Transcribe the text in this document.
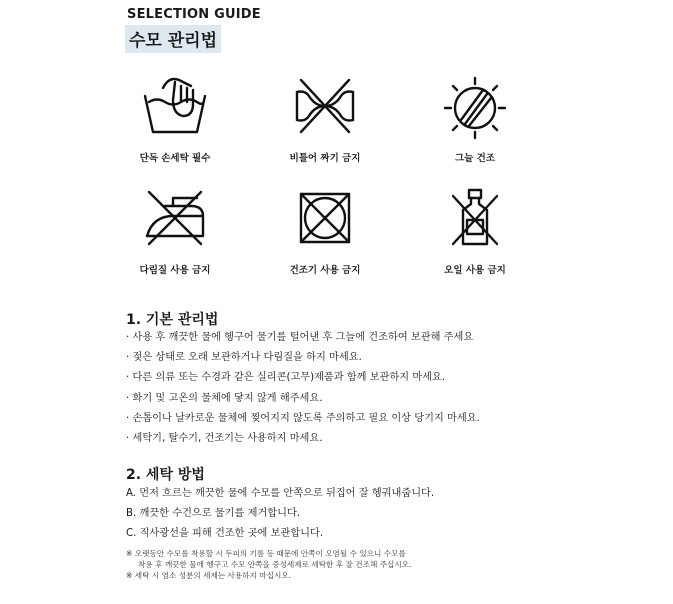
SELECTION GUIDE
수모 관리법
단독 손세탁 필수	비틀어 짜기 금지	그늘 건조
다림질 사용 금지	건조기 사용 금지	오일 사용 금지
1. 기본 관리법
· 사용 후 깨끗한 물에 헹구어 물기를 털어낸 후 그늘에 건조하여 보관해 주세요
· 젖은 상태로 오래 보관하거나 다림질을 하지 마세요.
· 다른 의류 또는 수경과 같은 실리콘(고무)제품과 함께 보관하지 마세요.
· 화기 및 고온의 물체에 닿지 않게 해주세요.
· 손톱이나 날카로운 물체에 찢어지지 않도록 주의하고 필요 이상 당기지 마세요.
· 세탁기, 탈수기, 건조기는 사용하지 마세요.
2. 세탁 방법
A. 먼저 흐르는 깨끗한 물에 수모를 안쪽으로 뒤집어 잘 헹궈내줍니다.
B. 깨끗한 수건으로 물기를 제거합니다.
C. 직사광선을 피해 건조한 곳에 보관합니다.
※ 오랫동안 수모를 착용할 시 두피의 기름 등 때문에 안쪽이 오염될 수 있으니 수모를
착용 후 깨끗한 물에 헹구고 수모 안쪽을 중성세제로 세탁한 후 잘 건조해 주십시오.
※ 세탁 시 염소 성분의 세제는 사용하지 마십시오.
